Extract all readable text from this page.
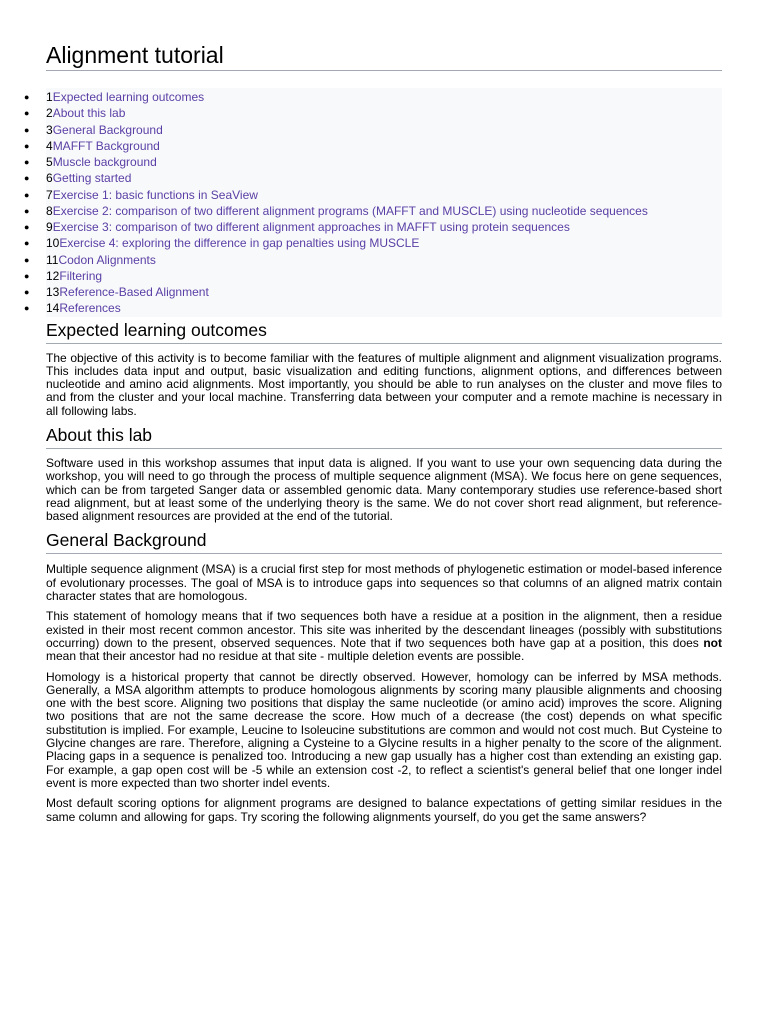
Alignment tutorial
● 1Expected learning outcomes
● 2About this lab
● 3General Background
● 4MAFFT Background
● 5Muscle background
● 6Getting started
● 7Exercise 1: basic functions in SeaView
● 8Exercise 2: comparison of two different alignment programs (MAFFT and MUSCLE) using nucleotide sequences
● 9Exercise 3: comparison of two different alignment approaches in MAFFT using protein sequences
● 10Exercise 4: exploring the difference in gap penalties using MUSCLE
● 11Codon Alignments
● 12Filtering
● 13Reference-Based Alignment
● 14References
Expected learning outcomes

The objective of this activity is to become familiar with the features of multiple alignment and alignment visualization programs. This includes data input and output, basic visualization and editing functions, alignment options, and differences between nucleotide and amino acid alignments. Most importantly, you should be able to run analyses on the cluster and move files to and from the cluster and your local machine. Transferring data between your computer and a remote machine is necessary in all following labs.

About this lab

Software used in this workshop assumes that input data is aligned. If you want to use your own sequencing data during the workshop, you will need to go through the process of multiple sequence alignment (MSA). We focus here on gene sequences, which can be from targeted Sanger data or assembled genomic data. Many contemporary studies use reference-based short read alignment, but at least some of the underlying theory is the same. We do not cover short read alignment, but reference-based alignment resources are provided at the end of the tutorial.

General Background

Multiple sequence alignment (MSA) is a crucial first step for most methods of phylogenetic estimation or model-based inference of evolutionary processes. The goal of MSA is to introduce gaps into sequences so that columns of an aligned matrix contain character states that are homologous.

This statement of homology means that if two sequences both have a residue at a position in the alignment, then a residue existed in their most recent common ancestor. This site was inherited by the descendant lineages (possibly with substitutions occurring) down to the present, observed sequences. Note that if two sequences both have gap at a position, this does not mean that their ancestor had no residue at that site - multiple deletion events are possible.

Homology is a historical property that cannot be directly observed. However, homology can be inferred by MSA methods. Generally, a MSA algorithm attempts to produce homologous alignments by scoring many plausible alignments and choosing one with the best score. Aligning two positions that display the same nucleotide (or amino acid) improves the score. Aligning two positions that are not the same decrease the score. How much of a decrease (the cost) depends on what specific substitution is implied. For example, Leucine to Isoleucine substitutions are common and would not cost much. But Cysteine to Glycine changes are rare. Therefore, aligning a Cysteine to a Glycine results in a higher penalty to the score of the alignment. Placing gaps in a sequence is penalized too. Introducing a new gap usually has a higher cost than extending an existing gap. For example, a gap open cost will be -5 while an extension cost -2, to reflect a scientist's general belief that one longer indel event is more expected than two shorter indel events.

Most default scoring options for alignment programs are designed to balance expectations of getting similar residues in the same column and allowing for gaps. Try scoring the following alignments yourself, do you get the same answers?
